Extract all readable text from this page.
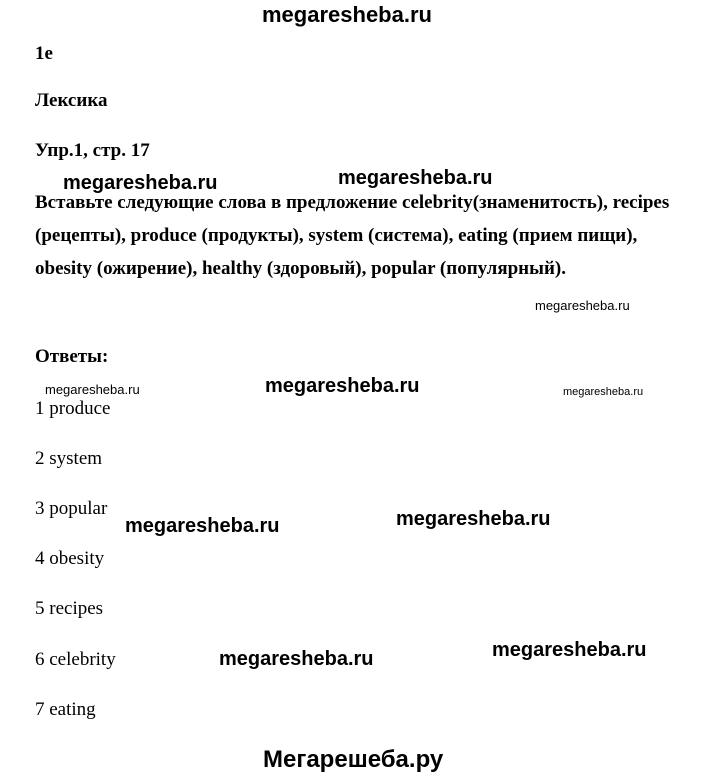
megaresheba.ru
1e
Лексика
Упр.1, стр. 17
megaresheba.ru	megaresheba.ru
Вставьте следующие слова в предложение celebrity(знаменитость), recipes (рецепты), produce (продукты), system (система), eating (прием пищи), obesity (ожирение), healthy (здоровый), popular (популярный).
megaresheba.ru
Ответы:
megaresheba.ru	megaresheba.ru	megaresheba.ru
1 produce
2 system
3 popular
megaresheba.ru	megaresheba.ru
4 obesity
5 recipes
6 celebrity	megaresheba.ru	megaresheba.ru
7 eating
Мегарешеба.ру
